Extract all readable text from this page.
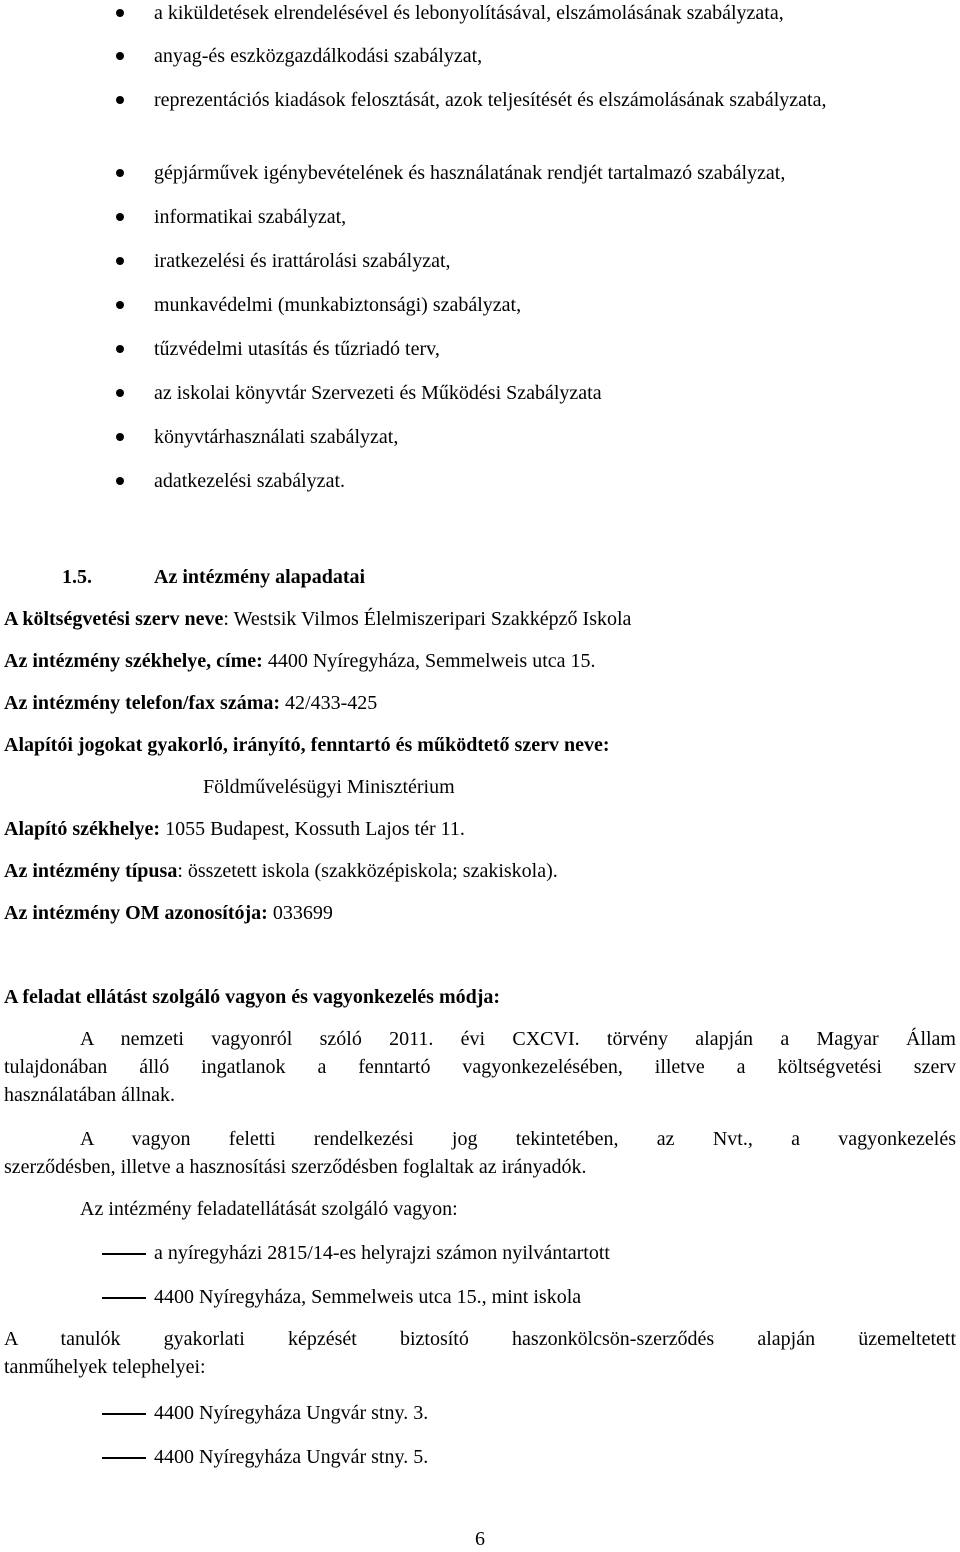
a kiküldetések elrendelésével és lebonyolításával, elszámolásának szabályzata,
anyag-és eszközgazdálkodási szabályzat,
reprezentációs kiadások felosztását, azok teljesítését és elszámolásának szabályzata,
gépjárművek igénybevételének és használatának rendjét tartalmazó szabályzat,
informatikai szabályzat,
iratkezelési és irattárolási szabályzat,
munkavédelmi (munkabiztonsági) szabályzat,
tűzvédelmi utasítás és tűzriadó terv,
az iskolai könyvtár Szervezeti és Működési Szabályzata
könyvtárhasználati szabályzat,
adatkezelési szabályzat.
1.5.	Az intézmény alapadatai
A költségvetési szerv neve: Westsik Vilmos Élelmiszeripari Szakképző Iskola
Az intézmény székhelye, címe: 4400 Nyíregyháza, Semmelweis utca 15.
Az intézmény telefon/fax száma: 42/433-425
Alapítói jogokat gyakorló, irányító, fenntartó és működtető szerv neve:
Földművelésügyi Minisztérium
Alapító székhelye: 1055 Budapest, Kossuth Lajos tér 11.
Az intézmény típusa: összetett iskola (szakközépiskola; szakiskola).
Az intézmény OM azonosítója: 033699
A feladat ellátást szolgáló vagyon és vagyonkezelés módja:
A nemzeti vagyonról szóló 2011. évi CXCVI. törvény alapján a Magyar Állam
tulajdonában álló ingatlanok a fenntartó vagyonkezelésében, illetve a költségvetési szerv
használatában állnak.
A vagyon feletti rendelkezési jog tekintetében, az Nvt., a vagyonkezelés
szerződésben, illetve a hasznosítási szerződésben foglaltak az irányadók.
Az intézmény feladatellátását szolgáló vagyon:
a nyíregyházi 2815/14-es helyrajzi számon nyilvántartott
4400 Nyíregyháza, Semmelweis utca 15., mint iskola
A tanulók gyakorlati képzését biztosító haszonkölcsön-szerződés alapján üzemeltetett
tanműhelyek telephelyei:
4400 Nyíregyháza Ungvár stny. 3.
4400 Nyíregyháza Ungvár stny. 5.
6
